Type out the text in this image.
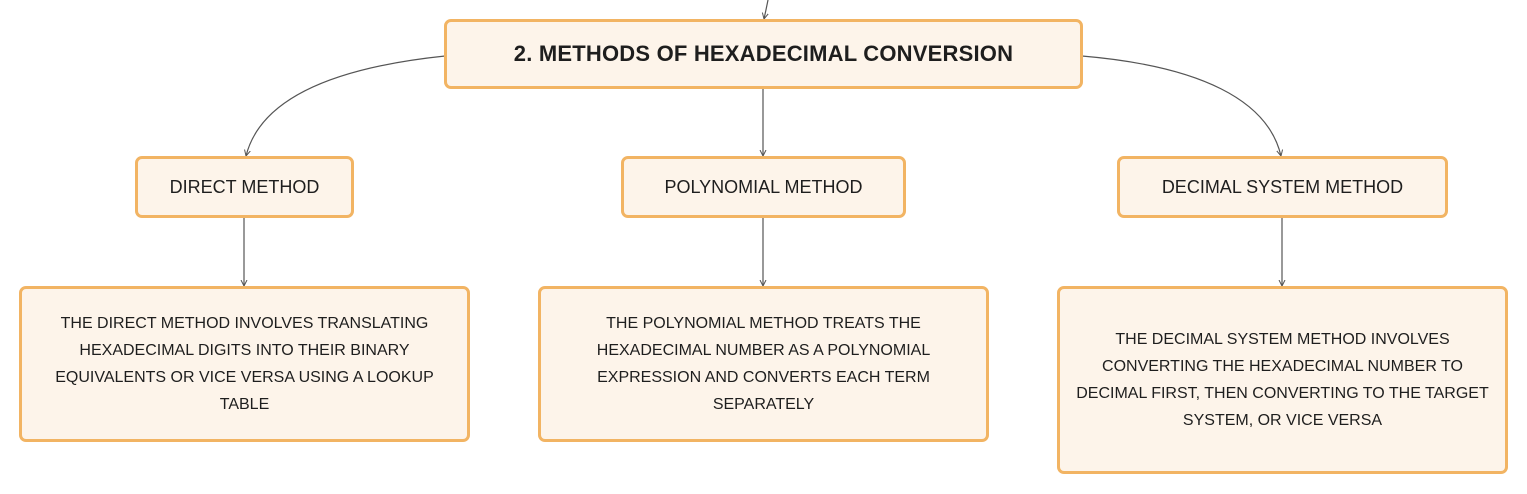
2. METHODS OF HEXADECIMAL CONVERSION
DIRECT METHOD	POLYNOMIAL METHOD	DECIMAL SYSTEM METHOD
THE DIRECT METHOD INVOLVES TRANSLATING HEXADECIMAL DIGITS INTO THEIR BINARY EQUIVALENTS OR VICE VERSA USING A LOOKUP TABLE
THE POLYNOMIAL METHOD TREATS THE HEXADECIMAL NUMBER AS A POLYNOMIAL EXPRESSION AND CONVERTS EACH TERM SEPARATELY
THE DECIMAL SYSTEM METHOD INVOLVES CONVERTING THE HEXADECIMAL NUMBER TO DECIMAL FIRST, THEN CONVERTING TO THE TARGET SYSTEM, OR VICE VERSA
